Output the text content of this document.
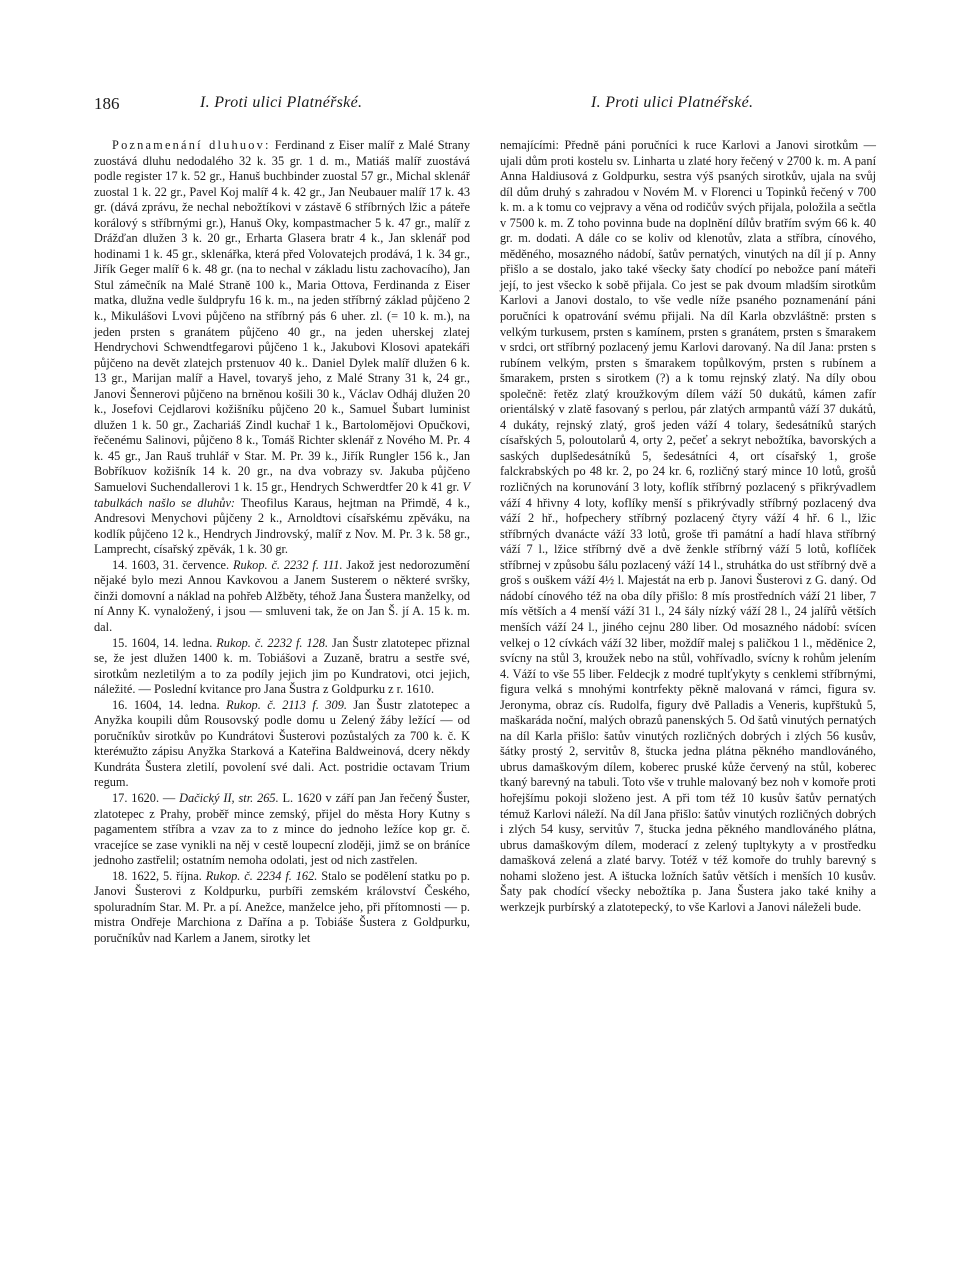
186	I. Proti ulici Platnéřské.	I. Proti ulici Platnéřské.

Poznamenání dluhuov: Ferdinand z Eiser malíř z Malé Strany zuostává dluhu nedodalého 32 k. 35 gr. 1 d. m., Matiáš malíř zuostává podle register 17 k. 52 gr., Hanuš buchbinder zuostal 57 gr., Michal sklenář zuostal 1 k. 22 gr., Pavel Koj malíř 4 k. 42 gr., Jan Neubauer malíř 17 k. 43 gr. (dává zprávu, že nechal nebožtíkovi v zástavě 6 stříbrných lžic a páteře korálový s stříbrnými gr.), Hanuš Oky, kompastmacher 5 k. 47 gr., malíř z Drážďan dlužen 3 k. 20 gr., Erharta Glasera bratr 4 k., Jan sklenář pod hodinami 1 k. 45 gr., sklenářka, která před Volovatejch prodává, 1 k. 34 gr., Jiřík Geger malíř 6 k. 48 gr. (na to nechal v základu listu zachovacího), Jan Stul zámečník na Malé Straně 100 k., Maria Ottova, Ferdinanda z Eiser matka, dlužna vedle šuldpryfu 16 k. m., na jeden stříbrný základ půjčeno 2 k., Mikulášovi Lvovi půjčeno na stříbrný pás 6 uher. zl. (= 10 k. m.), na jeden prsten s granátem půjčeno 40 gr., na jeden uherskej zlatej Hendrychovi Schwendtfegarovi půjčeno 1 k., Jakubovi Klosovi apatekáři půjčeno na devět zlatejch prstenuov 40 k.. Daniel Dylek malíř dlužen 6 k. 13 gr., Marijan malíř a Havel, tovaryš jeho, z Malé Strany 31 k, 24 gr., Janovi Šennerovi půjčeno na brněnou košili 30 k., Václav Odháj dlužen 20 k., Josefovi Cejdlarovi kožišníku půjčeno 20 k., Samuel Šubart luminist dlužen 1 k. 50 gr., Zachariáš Zindl kuchař 1 k., Bartolomějovi Opučkovi, řečenému Salinovi, půjčeno 8 k., Tomáš Richter sklenář z Nového M. Pr. 4 k. 45 gr., Jan Rauš truhlář v Star. M. Pr. 39 k., Jiřík Rungler 156 k., Jan Bobříkuov kožišník 14 k. 20 gr., na dva vobrazy sv. Jakuba půjčeno Samuelovi Suchendallerovi 1 k. 15 gr., Hendrych Schwerdtfer 20 k 41 gr. V tabulkách našlo se dluhův: Theofilus Karaus, hejtman na Přimdě, 4 k., Andresovi Menychovi půjčeny 2 k., Arnoldtovi císařskému zpěváku, na kodlík půjčeno 12 k., Hendrych Jindrovský, malíř z Nov. M. Pr. 3 k. 58 gr., Lamprecht, císařský zpěvák, 1 k. 30 gr.

14. 1603, 31. července. Rukop. č. 2232 f. 111. Jakož jest nedorozumění nějaké bylo mezi Annou Kavkovou a Janem Susterem o některé svršky, činži domovní a náklad na pohřeb Alžběty, téhož Jana Šustera manželky, od ní Anny K. vynaložený, i jsou — smluveni tak, že on Jan Š. jí A. 15 k. m. dal.

15. 1604, 14. ledna. Rukop. č. 2232 f. 128. Jan Šustr zlatotepec přiznal se, že jest dlužen 1400 k. m. Tobiášovi a Zuzaně, bratru a sestře své, sirotkům nezletilým a to za podíly jejich jim po Kundratovi, otci jejich, náležité. — Poslední kvitance pro Jana Šustra z Goldpurku z r. 1610.

16. 1604, 14. ledna. Rukop. č. 2113 f. 309. Jan Šustr zlatotepec a Anyžka koupili dům Rousovský podle domu u Zelený žáby ležící — od poručníkův sirotkův po Kundrátovi Šusterovi pozůstalých za 700 k. č. K kteréмužto zápisu Anyžka Starková a Kateřina Baldweinová, dcery někdy Kundráta Šustera zletilí, povolení své dali. Act. postridie octavam Trium regum.

17. 1620. — Dačický II, str. 265. L. 1620 v září pan Jan řečený Šuster, zlatotepec z Prahy, proběř mince zemský, přijel do města Hory Kutny s pagamentem stříbra a vzav za to z mince do jednoho ležíce kop gr. č. vracejíce se zase vynikli na něj v cestě loupecní zloději, jimž se on bráníce jednoho zastřelil; ostatním nemoha odolati, jest od nich zastřelen.

18. 1622, 5. října. Rukop. č. 2234 f. 162. Stalo se podělení statku po p. Janovi Šusterovi z Koldpurku, purbíři zemském království Českého, spoluradním Star. M. Pr. a pí. Anežce, manželce jeho, při přítomnosti — p. mistra Ondřeje Marchiona z Dařína a p. Tobiáše Šustera z Goldpurku, poručníkův nad Karlem a Janem, sirotky let

nemajícími: Předně páni poručníci k ruce Karlovi a Janovi sirotkům — ujali dům proti kostelu sv. Linharta u zlaté hory řečený v 2700 k. m. A paní Anna Haldiusová z Goldpurku, sestra výš psaných sirotkův, ujala na svůj díl dům druhý s zahradou v Novém M. v Florenci u Topinků řečený v 700 k. m. a k tomu co vejpravy a věna od rodičův svých přijala, položila a sečtla v 7500 k. m. Z toho povinna bude na doplnění dílův bratřím svým 66 k. 40 gr. m. dodati. A dále co se koliv od klenotův, zlata a stříbra, cínového, měděného, mosazného nádobí, šatův pernatých, vinutých na díl jí p. Anny přišlo a se dostalo, jako také všecky šaty chodící po nebožce paní máteři její, to jest všecko k sobě přijala. Co jest se pak dvoum mladším sirotkům Karlovi a Janovi dostalo, to vše vedle níže psaného poznamenání páni poručníci k opatrování svému přijali. Na díl Karla obzvláštně: prsten s velkým turkusem, prsten s kamínem, prsten s granátem, prsten s šmarakem v srdci, ort stříbrný pozlacený jemu Karlovi darovaný. Na díl Jana: prsten s rubínem velkým, prsten s šmarakem topůlkovým, prsten s rubínem a šmarakem, prsten s sirotkem (?) a k tomu rejnský zlatý. Na díly obou společně: řetěz zlatý kroužkovým dílem váží 50 dukátů, kámen zafír orientálský v zlatě fasovaný s perlou, pár zlatých armpantů váží 37 dukátů, 4 dukáty, rejnský zlatý, groš jeden váží 4 tolary, šedesátníků starých císařských 5, poloutolarů 4, orty 2, pečeť a sekryt nebožtíka, bavorských a saských duplšedesátníků 5, šedesátníci 4, ort císařský 1, groše falckrabských po 48 kr. 2, po 24 kr. 6, rozličný starý mince 10 lotů, grošů rozličných na korunování 3 loty, koflík stříbrný pozlacený s přikrývadlem váží 4 hřivny 4 loty, koflíky menší s přikrývadly stříbrný pozlacený dva váží 2 hř., hofpechery stříbrný pozlacený čtyry váží 4 hř. 6 l., lžic stříbrných dvanácte váží 33 lotů, groše tři památní a hadí hlava stříbrný váží 7 l., lžice stříbrný dvě a dvě ženkle stříbrný váží 5 lotů, koflíček stříbrnej v způsobu šálu pozlacený váží 14 l., struhátka do ust stříbrný dvě a groš s ouškem váží 4½ l. Majestát na erb p. Janovi Šusterovi z G. daný. Od nádobí cínového též na oba díly přišlo: 8 mís prostředních váží 21 liber, 7 mís větších a 4 menší váží 31 l., 24 šály nízký váží 28 l., 24 jalířů větších menších váží 24 l., jiného cejnu 280 liber. Od mosazného nádobí: svícen velkej o 12 cívkách váží 32 liber, moždíř malej s paličkou 1 l., měděnice 2, svícny na stůl 3, kroužek nebo na stůl, vohřívadlo, svícny k rohům jelením 4. Váží to vše 55 liber. Feldecjk z modré tuplťykyty s cenklemi stříbrnými, figura velká s mnohými kontrfekty pěkně malovaná v rámci, figura sv. Jeronyma, obraz cís. Rudolfa, figury dvě Palladis a Veneris, kupřštuků 5, maškaráda noční, malých obrazů panenských 5. Od šatů vinutých pernatých na díl Karla přišlo: šatův vinutých rozličných dobrých i zlých 56 kusův, šátky prostý 2, servitův 8, štucka jedna plátna pěkného mandlováného, ubrus damaškovým dílem, koberec pruské kůže červený na stůl, koberec tkaný barevný na tabuli. Toto vše v truhle malovaný bez noh v komoře proti hořejšímu pokoji složeno jest. A při tom též 10 kusův šatův pernatých témuž Karlovi náleží. Na díl Jana přišlo: šatův vinutých rozličných dobrých i zlých 54 kusy, servitův 7, štucka jedna pěkného mandlováného plátna, ubrus damaškovým dílem, moderací z zelený tupltykyty a v prostředku damašková zelená a zlaté barvy. Totéž v též komoře do truhly barevný s nohami složeno jest. A ištucka ložních šatův větších i menších 10 kusův. Šaty pak chodící všecky nebožtíka p. Jana Šustera jako také knihy a werkzejk purbírský a zlatotepecký, to vše Karlovi a Janovi náleželi bude.
